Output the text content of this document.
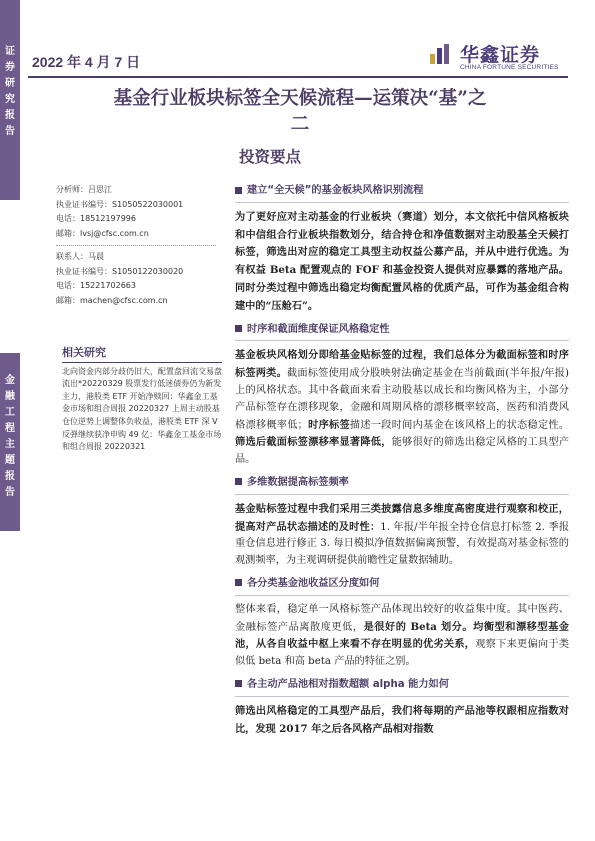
证
券
研
究
报
告
金
融
工
程
主
题
报
告
2022 年 4 月 7 日	华鑫证券
CHINA FORTUNE SECURITIES
基金行业板块标签全天候流程—运策决“基”之
二
投资要点
分析师：吕思江
执业证书编号：S1050522030001
电话：18512197996
邮箱：lvsj@cfsc.com.cn
联系人：马晨
执业证书编号：S1050122030020
电话：15221702663
邮箱：machen@cfsc.com.cn
相关研究
北向资金内部分歧仍旧大，配置盘回流交易盘流出*20220329 股票发行低迷债券仍为新发主力，港股类 ETF 开始净赎回：华鑫金工基金市场和组合周报 20220327 上周主动股基仓位逆势上调整体负收益，港股类 ETF 深 V 反弹继续获净申购 49 亿：华鑫金工基金市场和组合周报 20220321
建立“全天候”的基金板块风格识别流程

为了更好应对主动基金的行业板块（赛道）划分，本文依托中信风格板块和中信组合行业板块指数划分，结合持仓和净值数据对主动股基全天候打标签，筛选出对应的稳定工具型主动权益公募产品，并从中进行优选。为有权益 Beta 配置观点的 FOF 和基金投资人提供对应暴露的落地产品。同时分类过程中筛选出稳定均衡配置风格的优质产品，可作为基金组合构建中的“压舱石”。

时序和截面维度保证风格稳定性

基金板块风格划分即给基金贴标签的过程，我们总体分为截面标签和时序标签两类。截面标签使用成分股映射法确定基金在当前截面(半年报/年报)上的风格状态。其中各截面来看主动股基以成长和均衡风格为主，小部分产品标签存在漂移现象，金融和周期风格的漂移概率较高，医药和消费风格漂移概率低；时序标签描述一段时间内基金在该风格上的状态稳定性。筛选后截面标签漂移率显著降低，能够很好的筛选出稳定风格的工具型产品。

多维数据提高标签频率

基金贴标签过程中我们采用三类披露信息多维度高密度进行观察和校正，提高对产品状态描述的及时性：1. 年报/半年报全持仓信息打标签 2. 季报重仓信息进行修正 3. 每日模拟净值数据偏离预警，有效提高对基金标签的观测频率，为主观调研提供前瞻性定量数据辅助。

各分类基金池收益区分度如何

整体来看，稳定单一风格标签产品体现出较好的收益集中度。其中医药、金融标签产品离散度更低，是很好的 Beta 划分。均衡型和漂移型基金池，从各自收益中枢上来看不存在明显的优劣关系，观察下来更偏向于类似低 beta 和高 beta 产品的特征之别。

各主动产品池相对指数超额 alpha 能力如何

筛选出风格稳定的工具型产品后，我们将每期的产品池等权跟相应指数对比，发现 2017 年之后各风格产品相对指数
